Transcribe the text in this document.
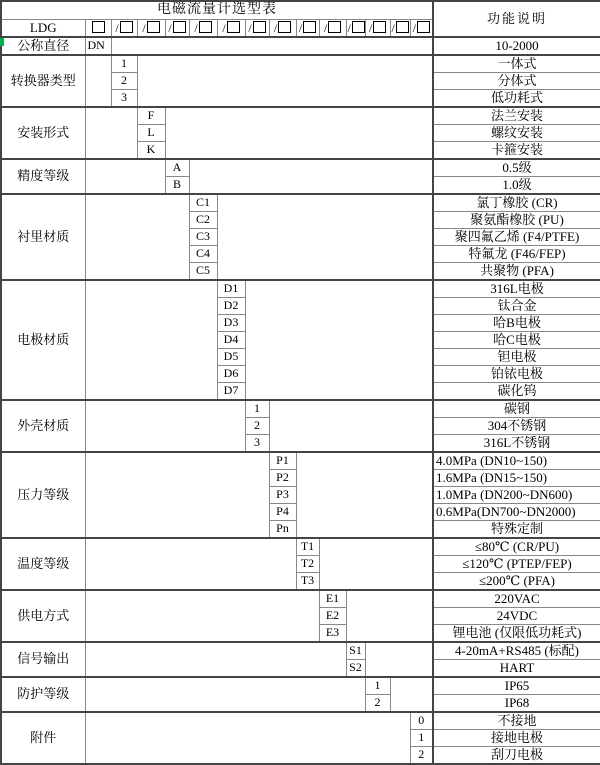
电磁流量计选型表															功能说明
LDG		/	/	/	/	/	/	/	/	/	/	/	/	/	
公称直径	DN														10-2000
转换器类型		1													一体式
		2													分体式
		3													低功耗式
安装形式			F												法兰安装
			L												螺纹安装
			K												卡箍安装
精度等级				A											0.5级
				B											1.0级
衬里材质					C1										氯丁橡胶 (CR)
					C2										聚氨酯橡胶 (PU)
					C3										聚四氟乙烯 (F4/PTFE)
					C4										特氟龙 (F46/FEP)
					C5										共聚物 (PFA)
电极材质						D1									316L电极
						D2									钛合金
						D3									哈B电极
						D4									哈C电极
						D5									钽电极
						D6									铂铱电极
						D7									碳化钨
外壳材质							1								碳钢
							2								304不锈钢
							3								316L不锈钢
压力等级								P1							4.0MPa (DN10~150)
								P2							1.6MPa (DN15~150)
								P3							1.0MPa (DN200~DN600)
								P4							0.6MPa(DN700~DN2000)
								Pn							特殊定制
温度等级									T1						≤80℃ (CR/PU)
									T2						≤120℃ (PTEP/FEP)
									T3						≤200℃ (PFA)
供电方式										E1					220VAC
										E2					24VDC
										E3					锂电池 (仅限低功耗式)
信号输出											S1				4-20mA+RS485 (标配)
											S2				HART
防护等级												1			IP65
												2			IP68
附件														0	不接地
														1	接地电极
														2	刮刀电极
